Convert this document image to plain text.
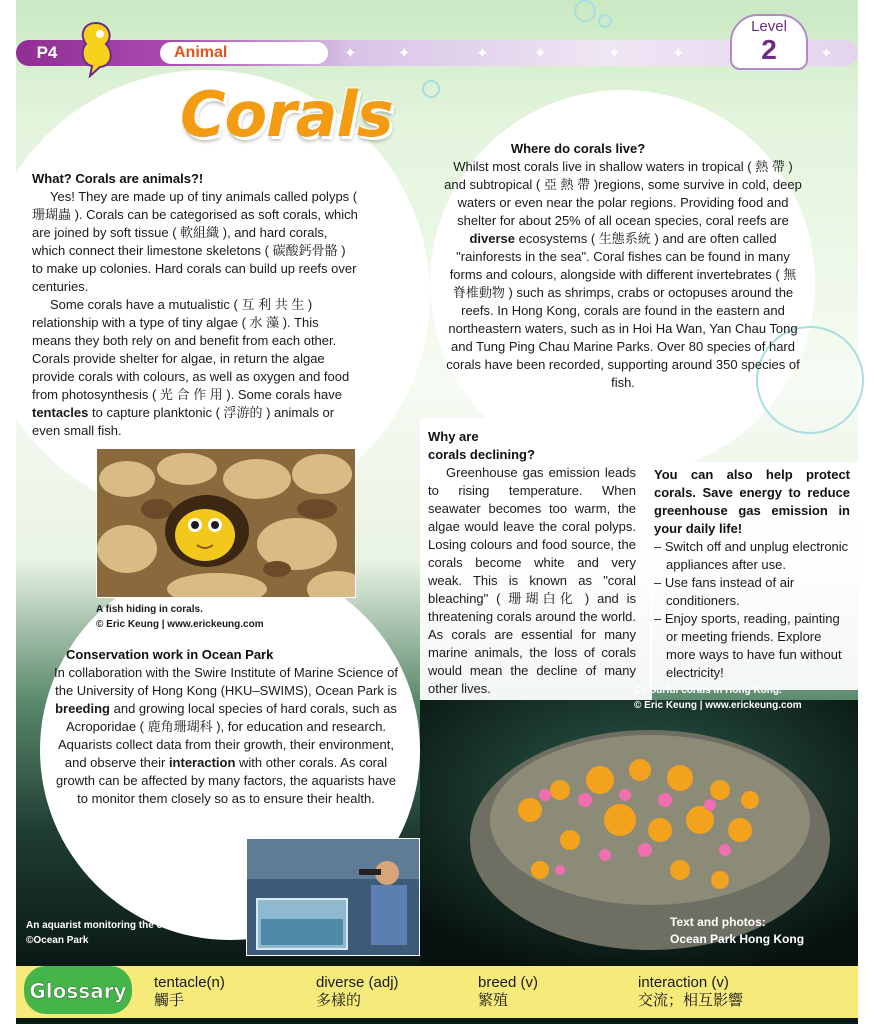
P4	Animal	✦	✦	✦	✦	✦	✦	✦
Level
2
Corals

What? Corals are animals?!

Yes! They are made up of tiny animals called polyps ( 珊瑚蟲 ). Corals can be categorised as soft corals, which are joined by soft tissue ( 軟組織 ), and hard corals, which connect their limestone skeletons ( 碳酸鈣骨骼 ) to make up colonies. Hard corals can build up reefs over centuries.

Some corals have a mutualistic ( 互 利 共 生 ) relationship with a type of tiny algae ( 水 藻 ). This means they both rely on and benefit from each other. Corals provide shelter for algae, in return the algae provide corals with colours, as well as oxygen and food from photosynthesis ( 光 合 作 用 ). Some corals have tentacles to capture planktonic ( 浮游的 ) animals or even small fish.

Where do corals live?

Whilst most corals live in shallow waters in tropical ( 熱 帶 ) and subtropical ( 亞 熱 帶 )regions, some survive in cold, deep waters or even near the polar regions. Providing food and shelter for about 25% of all ocean species, coral reefs are diverse ecosystems ( 生態系統 ) and are often called "rainforests in the sea". Coral fishes can be found in many forms and colours, alongside with different invertebrates ( 無脊椎動物 ) such as shrimps, crabs or octopuses around the reefs. In Hong Kong, corals are found in the eastern and northeastern waters, such as in Hoi Ha Wan, Yan Chau Tong and Tung Ping Chau Marine Parks. Over 80 species of hard corals have been recorded, supporting around 350 species of fish.

A fish hiding in corals.
© Eric Keung | www.erickeung.com

Why are

corals declining?

Greenhouse gas emission leads to rising temperature. When seawater becomes too warm, the algae would leave the coral polyps. Losing colours and food source, the corals become white and very weak. This is known as "coral bleaching" ( 珊瑚白化 ) and is threatening corals around the world. As corals are essential for many marine animals, the loss of corals would mean the decline of many other lives.

You can also help protect corals. Save energy to reduce greenhouse gas emission in your daily life!

– Switch off and unplug electronic appliances after use.
– Use fans instead of air conditioners.
– Enjoy sports, reading, painting or meeting friends. Explore more ways to have fun without electricity!
Colourful corals in Hong Kong.
© Eric Keung | www.erickeung.com

Conservation work in Ocean Park

In collaboration with the Swire Institute of Marine Science of the University of Hong Kong (HKU–SWIMS), Ocean Park is breeding and growing local species of hard corals, such as Acroporidae ( 鹿角珊瑚科 ), for education and research. Aquarists collect data from their growth, their environment, and observe their interaction with other corals. As coral growth can be affected by many factors, the aquarists have to monitor them closely so as to ensure their health.

An aquarist monitoring the corals.
©Ocean Park
Text and photos:
Ocean Park Hong Kong
Glossary tentacle(n)
觸手
diverse (adj)
多樣的
breed (v)
繁殖
interaction (v)
交流；相互影響
